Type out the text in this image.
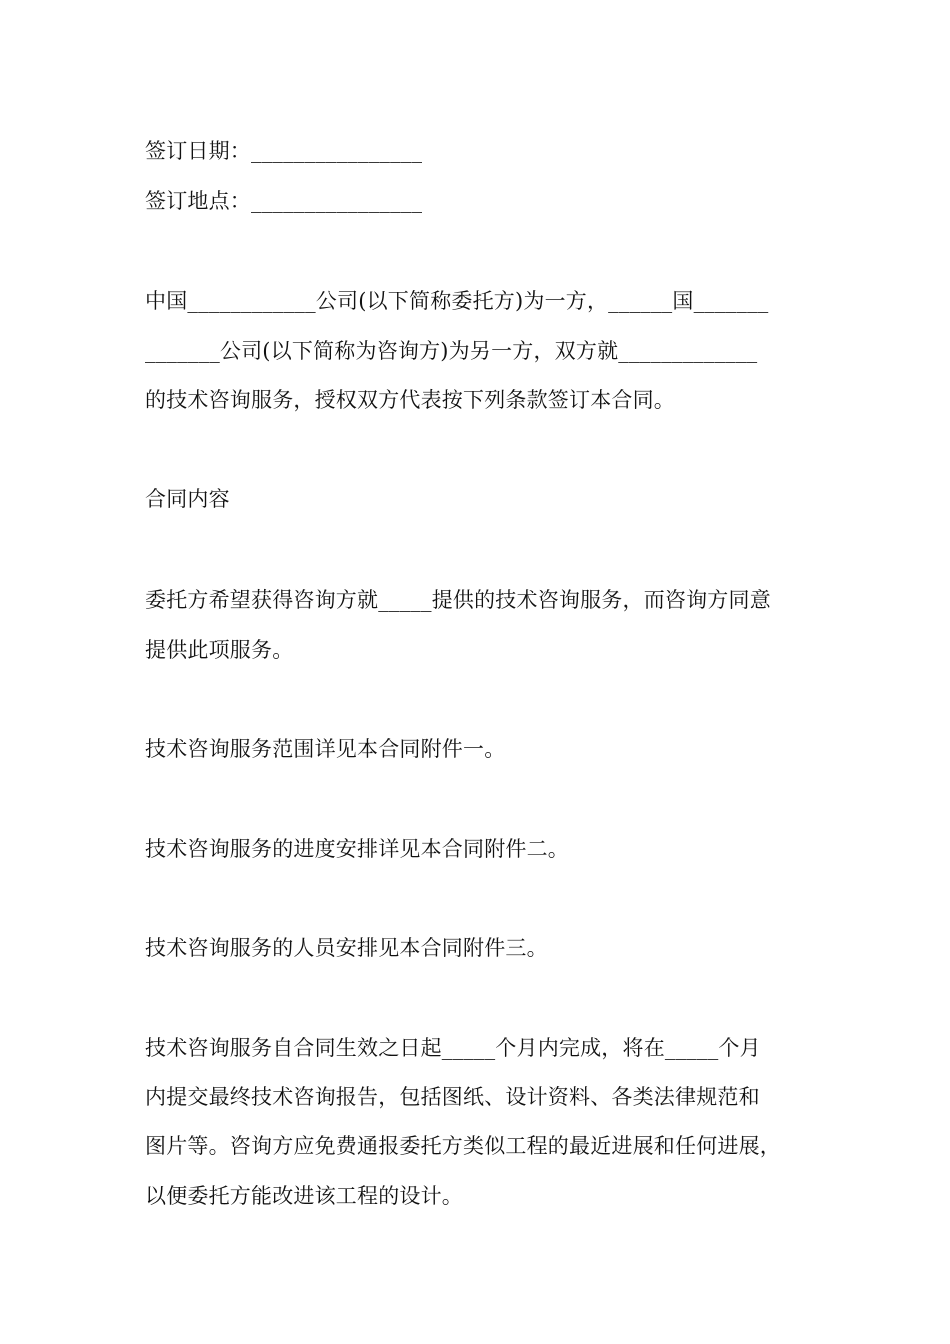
签订日期：________________
签订地点：________________
中国____________公司(以下简称委托方)为一方，______国_______
_______公司(以下简称为咨询方)为另一方，双方就_____________
的技术咨询服务，授权双方代表按下列条款签订本合同。
合同内容
委托方希望获得咨询方就_____提供的技术咨询服务，而咨询方同意
提供此项服务。
技术咨询服务范围详见本合同附件一。
技术咨询服务的进度安排详见本合同附件二。
技术咨询服务的人员安排见本合同附件三。
技术咨询服务自合同生效之日起_____个月内完成，将在_____个月
内提交最终技术咨询报告，包括图纸、设计资料、各类法律规范和
图片等。咨询方应免费通报委托方类似工程的最近进展和任何进展，
以便委托方能改进该工程的设计。
